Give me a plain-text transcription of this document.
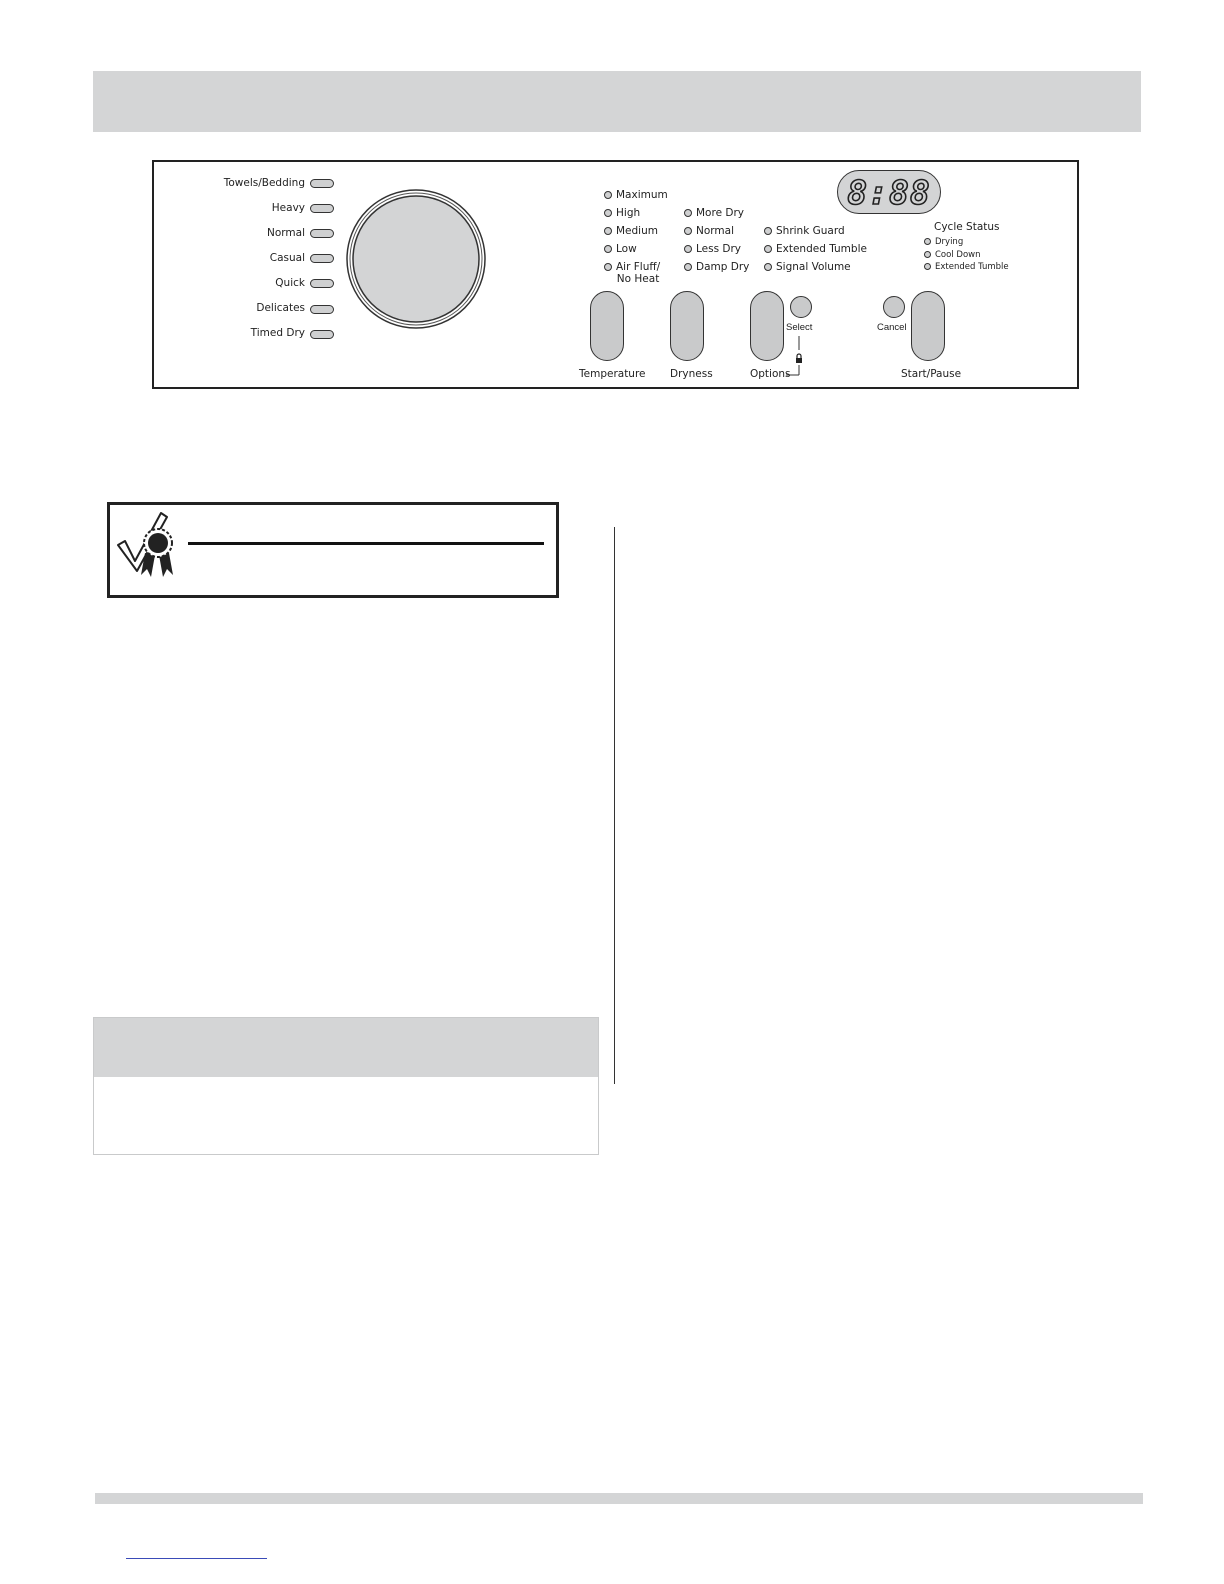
Towels/Bedding
Heavy
Normal
Casual
Quick
Delicates
Timed Dry
Maximum
High
Medium
Low
Air Fluff/
No Heat
More Dry
Normal
Less Dry
Damp Dry
Shrink Guard
Extended Tumble
Signal Volume
8:88
Cycle Status
Drying
Cool Down
Extended Tumble
Temperature Dryness	Options
Select	Cancel
Start/Pause
